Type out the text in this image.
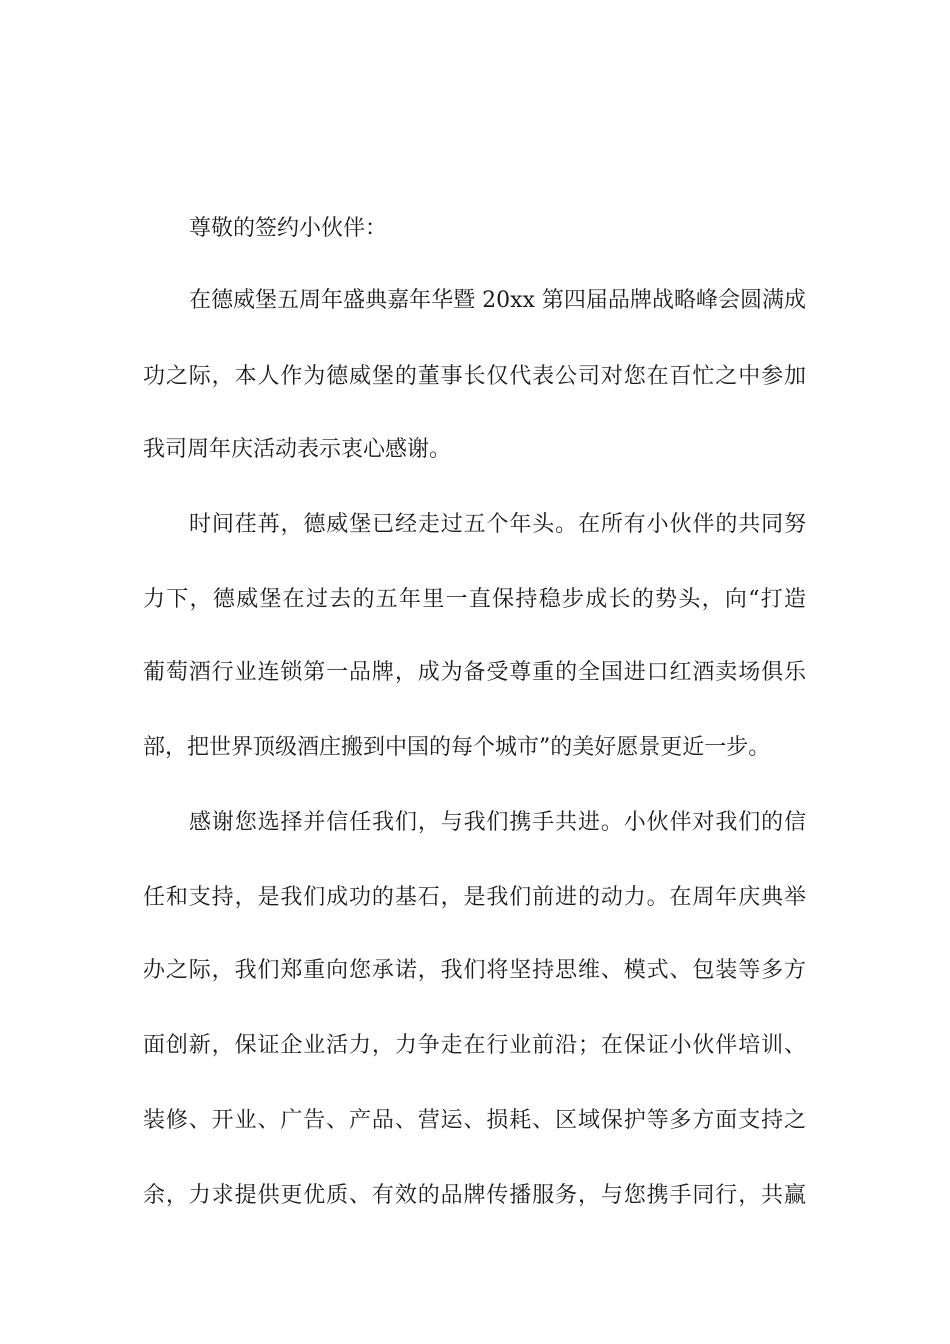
尊敬的签约小伙伴：
在德威堡五周年盛典嘉年华暨 20xx 第四届品牌战略峰会圆满成
功之际，本人作为德威堡的董事长仅代表公司对您在百忙之中参加
我司周年庆活动表示衷心感谢。
时间荏苒，德威堡已经走过五个年头。在所有小伙伴的共同努
力下，德威堡在过去的五年里一直保持稳步成长的势头，向“打造
葡萄酒行业连锁第一品牌，成为备受尊重的全国进口红酒卖场俱乐
部，把世界顶级酒庄搬到中国的每个城市”的美好愿景更近一步。
感谢您选择并信任我们，与我们携手共进。小伙伴对我们的信
任和支持，是我们成功的基石，是我们前进的动力。在周年庆典举
办之际，我们郑重向您承诺，我们将坚持思维、模式、包装等多方
面创新，保证企业活力，力争走在行业前沿；在保证小伙伴培训、
装修、开业、广告、产品、营运、损耗、区域保护等多方面支持之
余，力求提供更优质、有效的品牌传播服务，与您携手同行，共赢
